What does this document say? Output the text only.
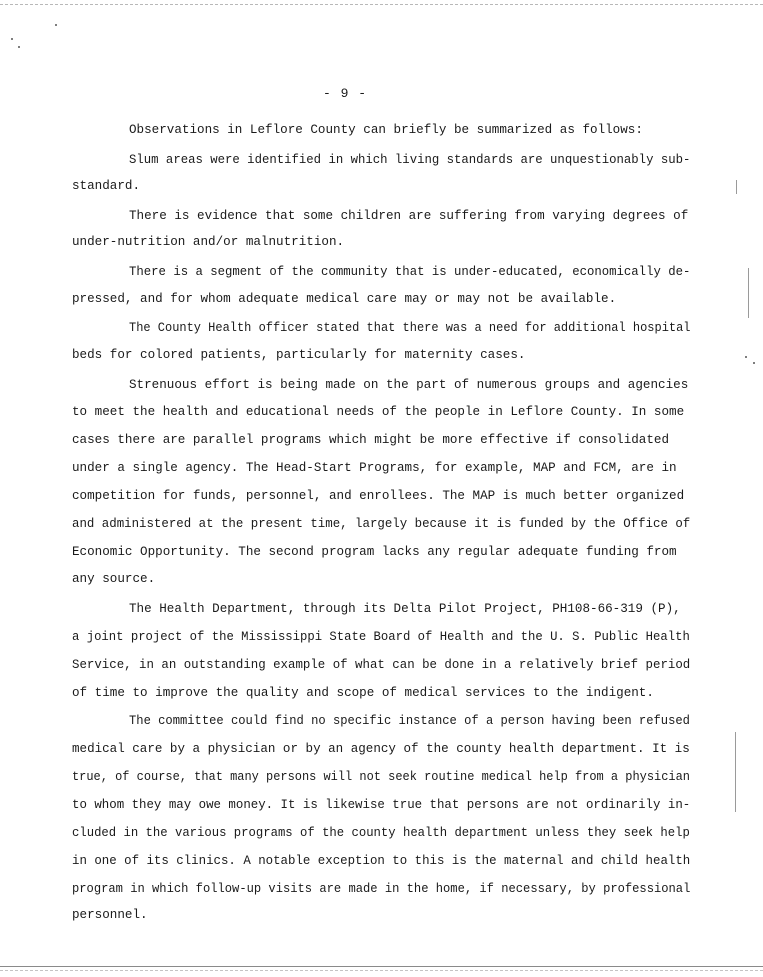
- 9 -

Observations in Leflore County can briefly be summarized as follows:

Slum areas were identified in which living standards are unquestionably sub-

standard.

There is evidence that some children are suffering from varying degrees of

under-nutrition and/or malnutrition.

There is a segment of the community that is under-educated, economically de-

pressed, and for whom adequate medical care may or may not be available.

The County Health officer stated that there was a need for additional hospital

beds for colored patients, particularly for maternity cases.

Strenuous effort is being made on the part of numerous groups and agencies

to meet the health and educational needs of the people in Leflore County. In some

cases there are parallel programs which might be more effective if consolidated

under a single agency. The Head-Start Programs, for example, MAP and FCM, are in

competition for funds, personnel, and enrollees. The MAP is much better organized

and administered at the present time, largely because it is funded by the Office of

Economic Opportunity. The second program lacks any regular adequate funding from

any source.

The Health Department, through its Delta Pilot Project, PH108-66-319 (P),

a joint project of the Mississippi State Board of Health and the U. S. Public Health

Service, in an outstanding example of what can be done in a relatively brief period

of time to improve the quality and scope of medical services to the indigent.

The committee could find no specific instance of a person having been refused

medical care by a physician or by an agency of the county health department. It is

true, of course, that many persons will not seek routine medical help from a physician

to whom they may owe money. It is likewise true that persons are not ordinarily in-

cluded in the various programs of the county health department unless they seek help

in one of its clinics. A notable exception to this is the maternal and child health

program in which follow-up visits are made in the home, if necessary, by professional

personnel.
